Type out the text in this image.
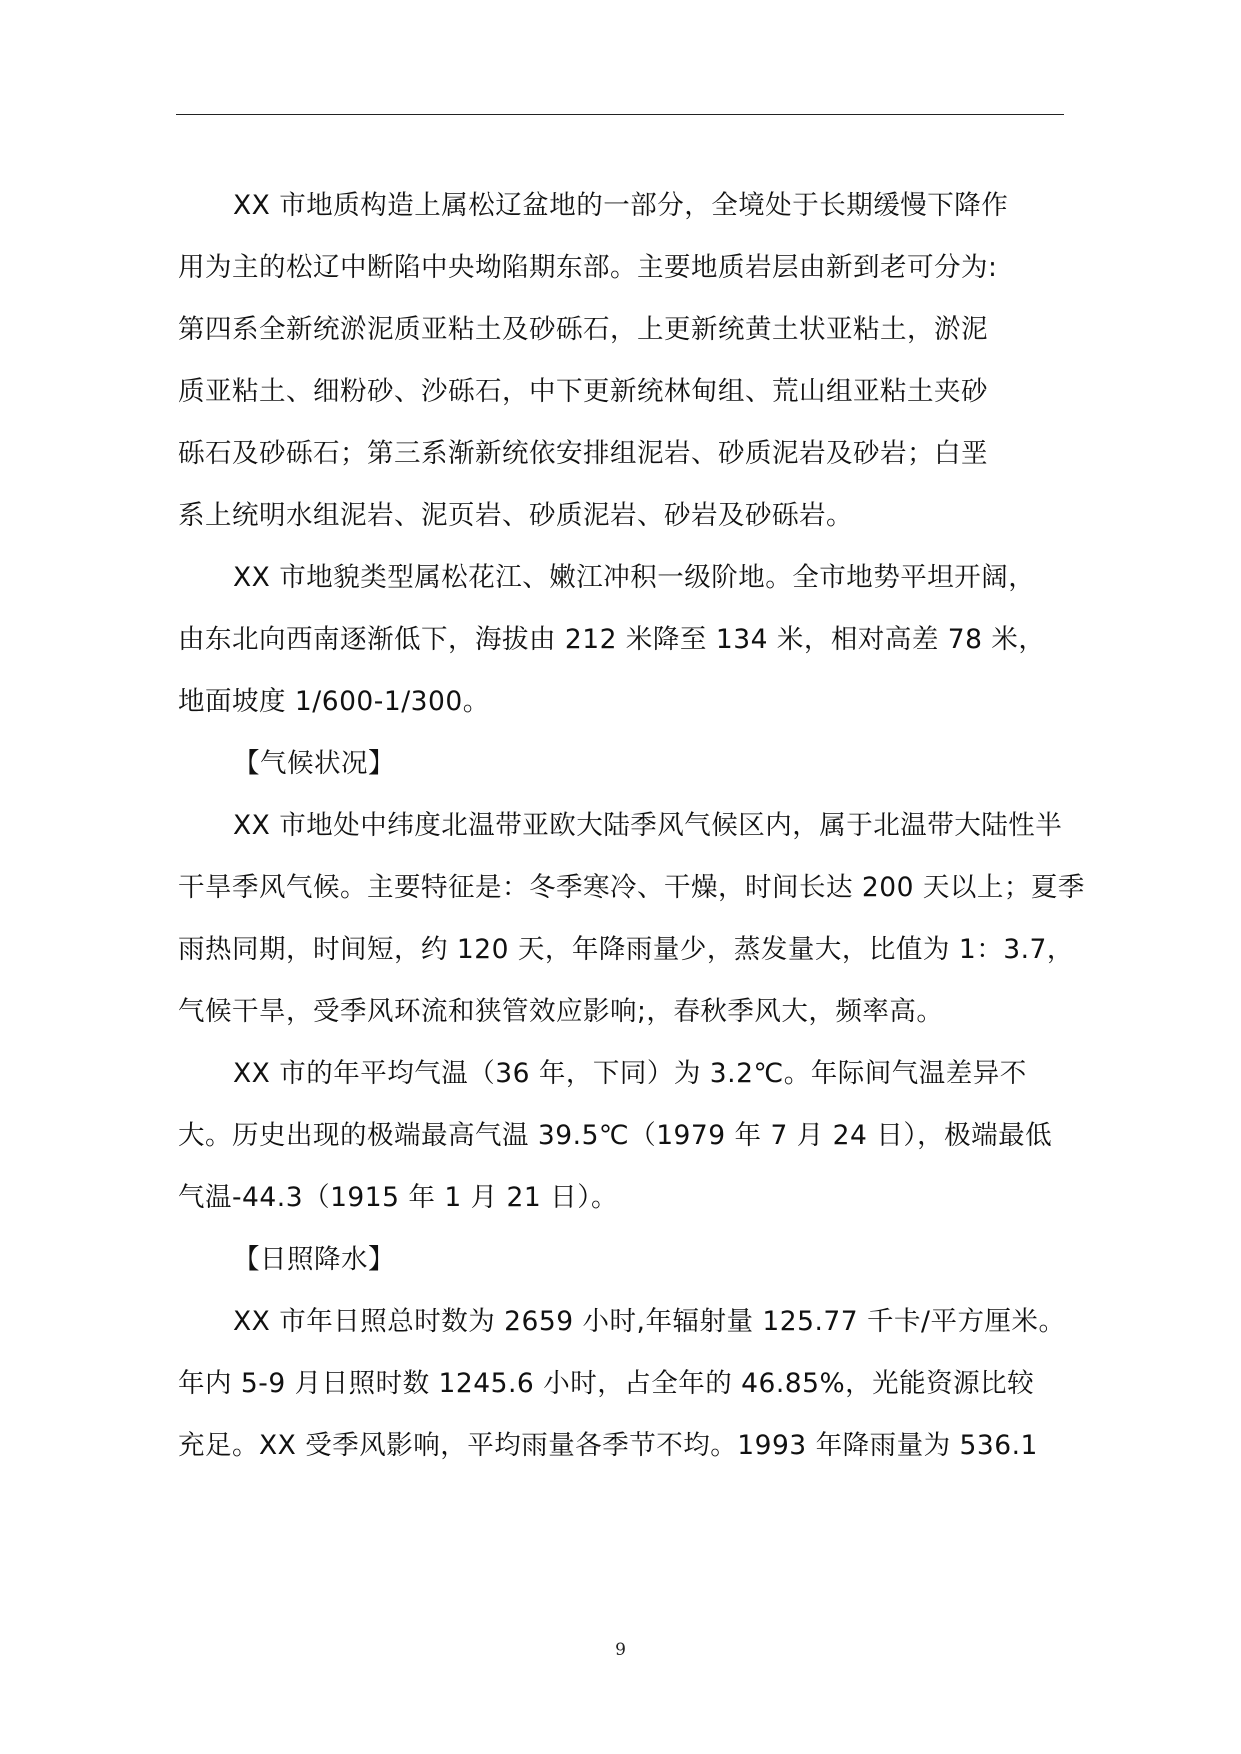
XX 市地质构造上属松辽盆地的一部分，全境处于长期缓慢下降作
用为主的松辽中断陷中央坳陷期东部。主要地质岩层由新到老可分为:
第四系全新统淤泥质亚粘土及砂砾石，上更新统黄土状亚粘土，淤泥
质亚粘土、细粉砂、沙砾石，中下更新统林甸组、荒山组亚粘土夹砂
砾石及砂砾石；第三系渐新统依安排组泥岩、砂质泥岩及砂岩；白垩
系上统明水组泥岩、泥页岩、砂质泥岩、砂岩及砂砾岩。
XX 市地貌类型属松花江、嫩江冲积一级阶地。全市地势平坦开阔，
由东北向西南逐渐低下，海拔由 212 米降至 134 米，相对高差 78 米，
地面坡度 1/600-1/300。
【气候状况】
XX 市地处中纬度北温带亚欧大陆季风气候区内，属于北温带大陆性半
干旱季风气候。主要特征是：冬季寒冷、干燥，时间长达 200 天以上；夏季
雨热同期，时间短，约 120 天，年降雨量少，蒸发量大，比值为 1：3.7，
气候干旱，受季风环流和狭管效应影响;，春秋季风大，频率高。
XX 市的年平均气温（36 年，下同）为 3.2℃。年际间气温差异不
大。历史出现的极端最高气温 39.5℃（1979 年 7 月 24 日），极端最低
气温-44.3（1915 年 1 月 21 日）。
【日照降水】
XX 市年日照总时数为 2659 小时,年辐射量 125.77 千卡/平方厘米。
年内 5-9 月日照时数 1245.6 小时，占全年的 46.85%，光能资源比较
充足。XX 受季风影响，平均雨量各季节不均。1993 年降雨量为 536.1
9
